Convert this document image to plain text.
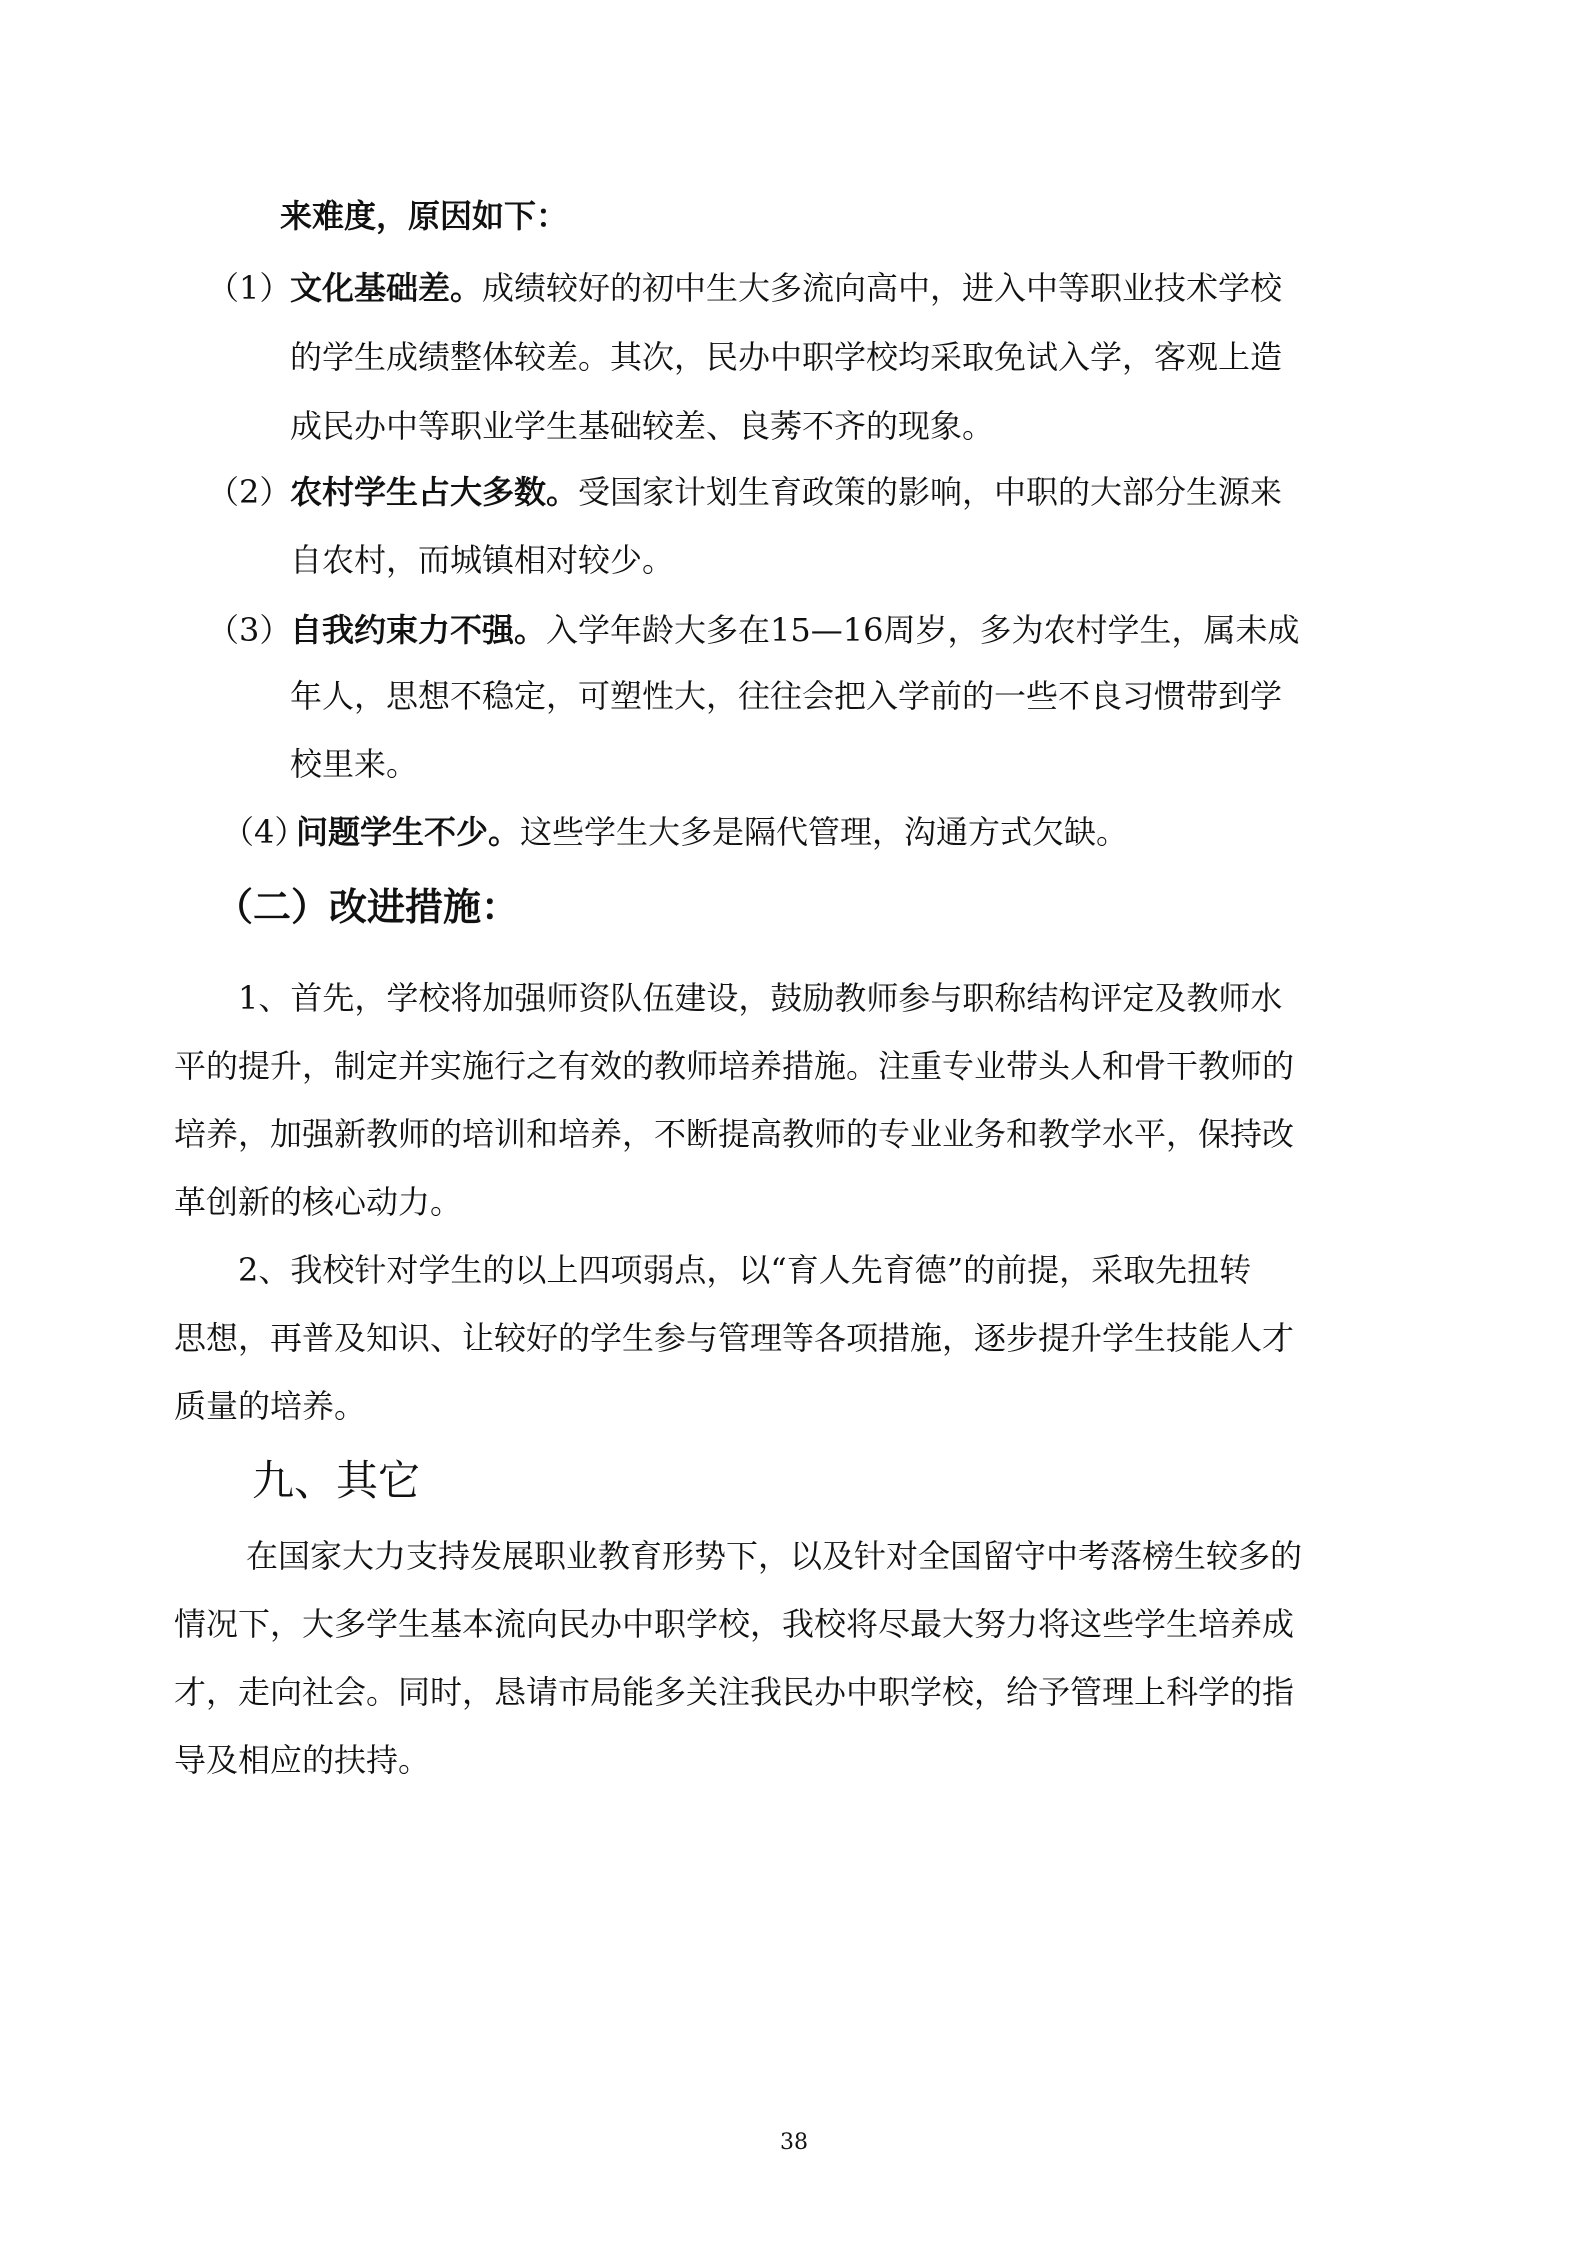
来难度，原因如下：
（1）
文化基础差。成绩较好的初中生大多流向高中，进入中等职业技术学校
的学生成绩整体较差。其次，民办中职学校均采取免试入学，客观上造
成民办中等职业学生基础较差、良莠不齐的现象。
（2）
农村学生占大多数。受国家计划生育政策的影响，中职的大部分生源来
自农村，而城镇相对较少。
（3）
自我约束力不强。入学年龄大多在15—16周岁，多为农村学生，属未成
年人，思想不稳定，可塑性大，往往会把入学前的一些不良习惯带到学
校里来。
（4）
问题学生不少。这些学生大多是隔代管理，沟通方式欠缺。
（二）改进措施：
1、首先，学校将加强师资队伍建设，鼓励教师参与职称结构评定及教师水
平的提升，制定并实施行之有效的教师培养措施。注重专业带头人和骨干教师的
培养，加强新教师的培训和培养，不断提高教师的专业业务和教学水平，保持改
革创新的核心动力。
2、我校针对学生的以上四项弱点，以“育人先育德”的前提，采取先扭转
思想，再普及知识、让较好的学生参与管理等各项措施，逐步提升学生技能人才
质量的培养。
九、其它
在国家大力支持发展职业教育形势下，以及针对全国留守中考落榜生较多的
情况下，大多学生基本流向民办中职学校，我校将尽最大努力将这些学生培养成
才，走向社会。同时，恳请市局能多关注我民办中职学校，给予管理上科学的指
导及相应的扶持。
38
